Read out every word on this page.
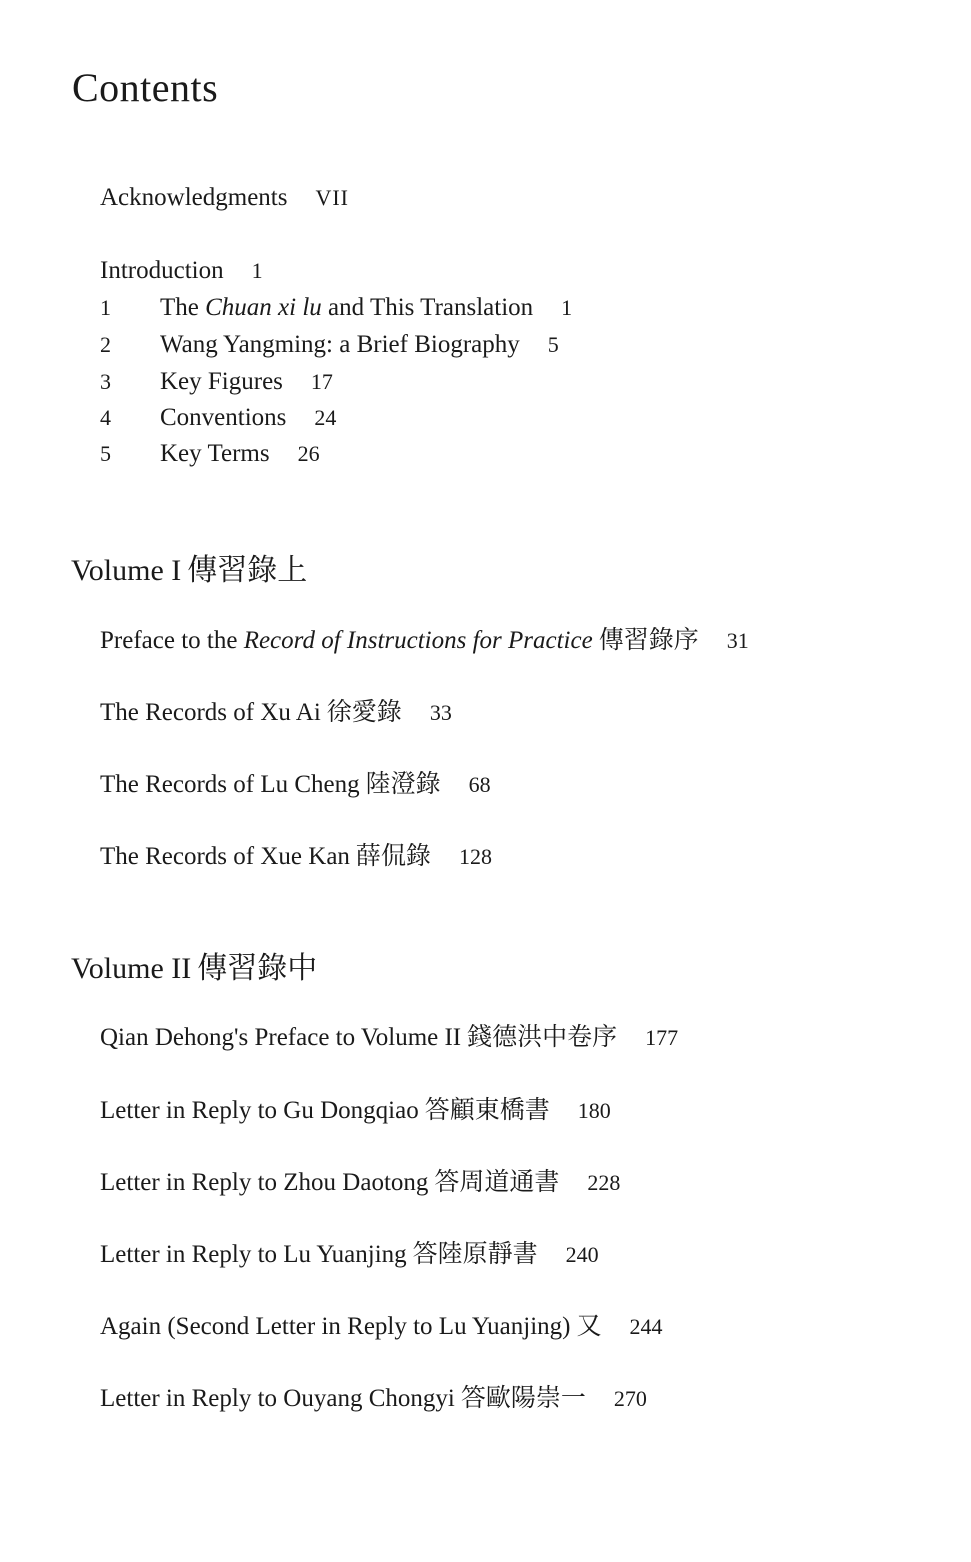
Contents
Acknowledgments VII
Introduction 1
1 The Chuan xi lu and This Translation 1
2 Wang Yangming: a Brief Biography 5
3 Key Figures 17
4 Conventions 24
5 Key Terms 26
Volume I 傳習錄上
Preface to the Record of Instructions for Practice 傳習錄序 31
The Records of Xu Ai 徐愛錄 33
The Records of Lu Cheng 陸澄錄 68
The Records of Xue Kan 薛侃錄 128
Volume II 傳習錄中
Qian Dehong's Preface to Volume II 錢德洪中卷序 177
Letter in Reply to Gu Dongqiao 答顧東橋書 180
Letter in Reply to Zhou Daotong 答周道通書 228
Letter in Reply to Lu Yuanjing 答陸原靜書 240
Again (Second Letter in Reply to Lu Yuanjing) 又 244
Letter in Reply to Ouyang Chongyi 答歐陽崇一 270
